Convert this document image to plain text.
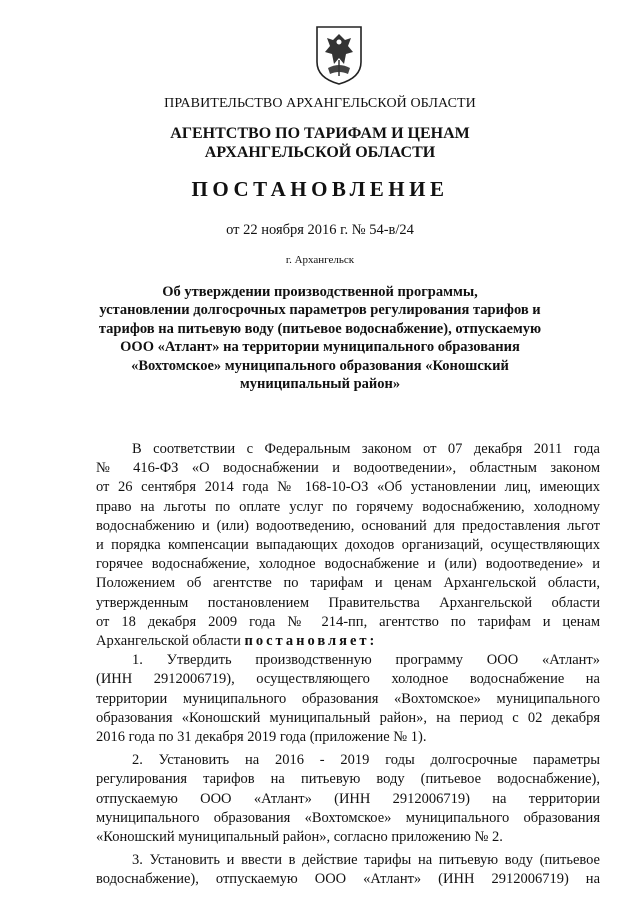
ПРАВИТЕЛЬСТВО АРХАНГЕЛЬСКОЙ ОБЛАСТИ
АГЕНТСТВО ПО ТАРИФАМ И ЦЕНАМ
АРХАНГЕЛЬСКОЙ ОБЛАСТИ
ПОСТАНОВЛЕНИЕ
от 22 ноября 2016 г. № 54-в/24
г. Архангельск
Об утверждении производственной программы,
установлении долгосрочных параметров регулирования тарифов и
тарифов на питьевую воду (питьевое водоснабжение), отпускаемую
ООО «Атлант» на территории муниципального образования
«Вохтомское» муниципального образования «Коношский
муниципальный район»
В соответствии с Федеральным законом от 07 декабря 2011 года
№ 416-ФЗ «О водоснабжении и водоотведении», областным законом
от 26 сентября 2014 года № 168-10-ОЗ «Об установлении лиц, имеющих
право на льготы по оплате услуг по горячему водоснабжению, холодному
водоснабжению и (или) водоотведению, оснований для предоставления льгот
и порядка компенсации выпадающих доходов организаций, осуществляющих
горячее водоснабжение, холодное водоснабжение и (или) водоотведение» и
Положением об агентстве по тарифам и ценам Архангельской области,
утвержденным постановлением Правительства Архангельской области
от 18 декабря 2009 года № 214-пп, агентство по тарифам и ценам
Архангельской области постановляет:
1.     Утвердить     производственную     программу     ООО     «Атлант»
(ИНН 2912006719), осуществляющего холодное водоснабжение на
территории муниципального образования «Вохтомское» муниципального
образования «Коношский муниципальный район», на период с 02 декабря
2016 года по 31 декабря 2019 года (приложение № 1).
2. Установить на 2016 - 2019 годы долгосрочные параметры
регулирования тарифов на питьевую воду (питьевое водоснабжение),
отпускаемую ООО «Атлант» (ИНН 2912006719) на территории
муниципального образования «Вохтомское» муниципального образования
«Коношский муниципальный район», согласно приложению № 2.
3. Установить и ввести в действие тарифы на питьевую воду (питьевое
водоснабжение), отпускаемую ООО «Атлант» (ИНН 2912006719) на
